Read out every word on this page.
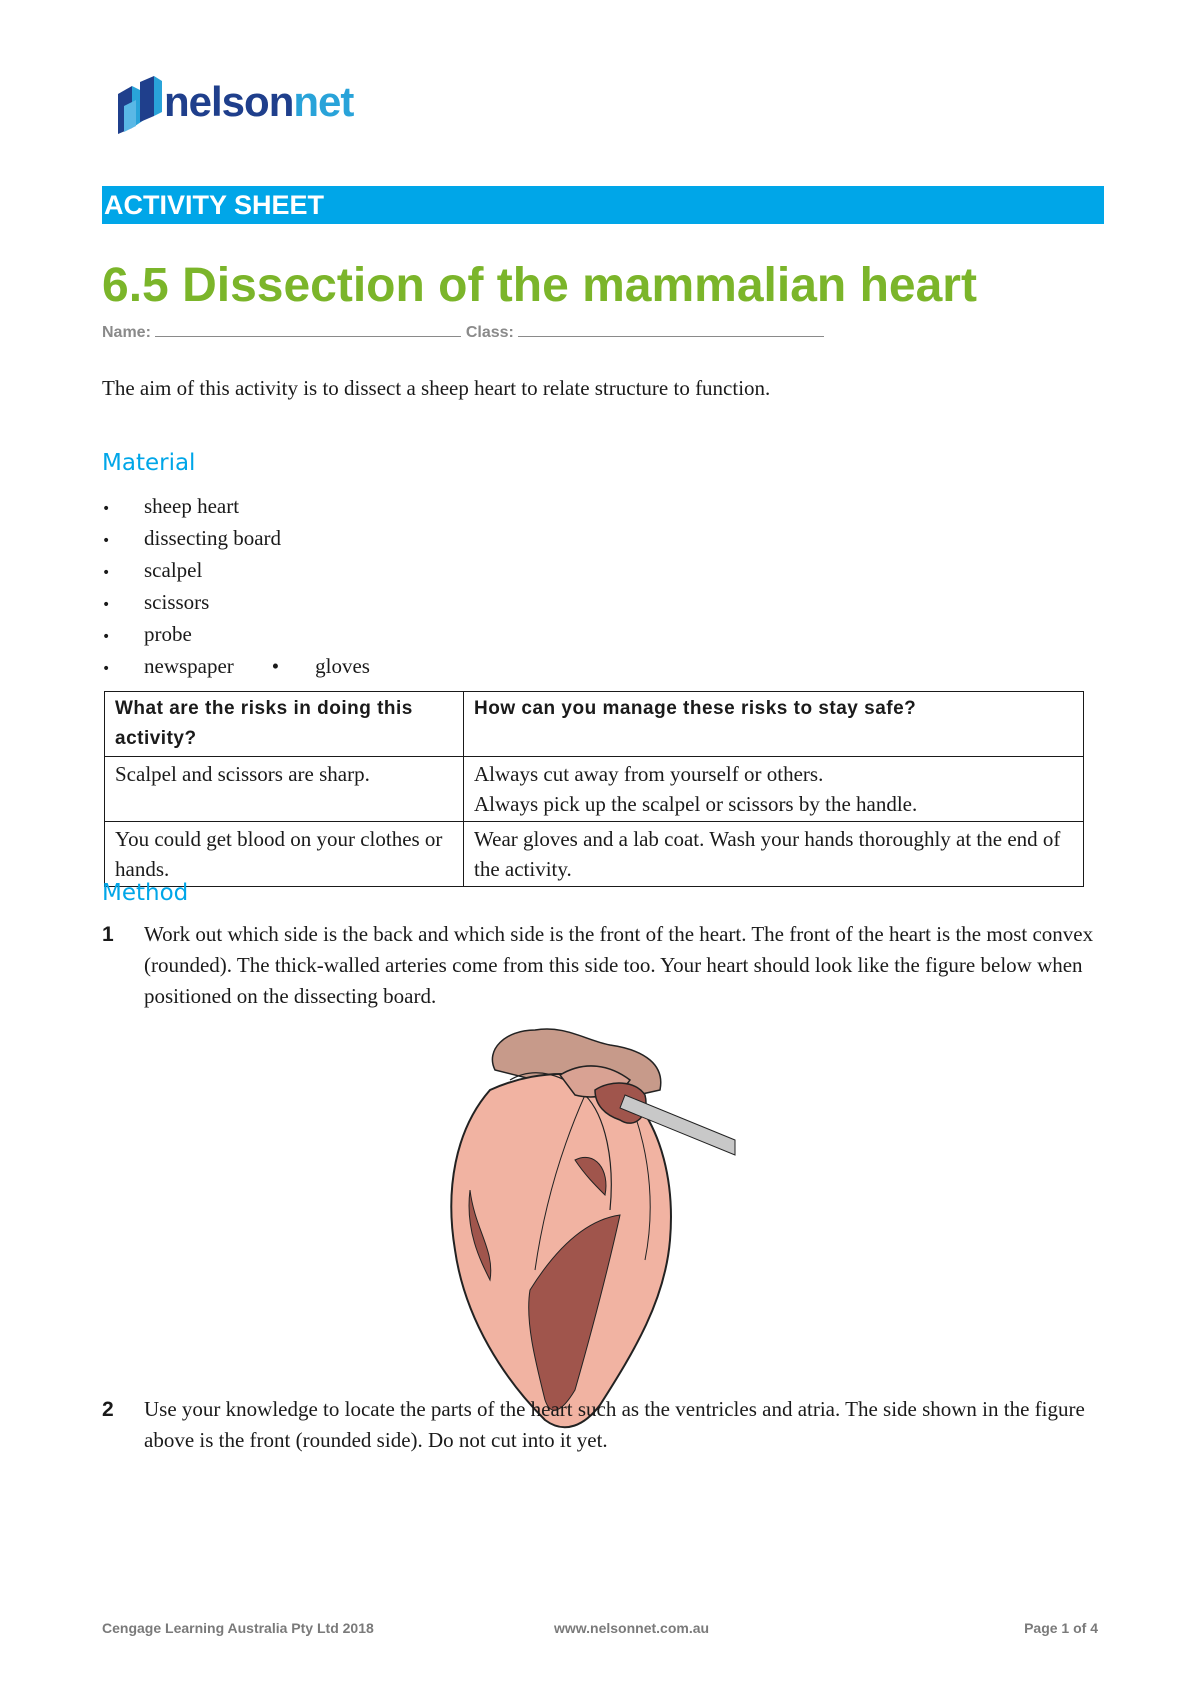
nelsonnet
ACTIVITY SHEET
6.5 Dissection of the mammalian heart
Name:	Class:
The aim of this activity is to dissect a sheep heart to relate structure to function.
Material
• sheep heart
• dissecting board
• scalpel
• scissors
• probe
• newspaper • gloves
What are the risks in doing this activity?	How can you manage these risks to stay safe?
Scalpel and scissors are sharp.	Always cut away from yourself or others.
Always pick up the scalpel or scissors by the handle.

You could get blood on your clothes or hands.	Wear gloves and a lab coat. Wash your hands thoroughly at the end of the activity.
Method
1	Work out which side is the back and which side is the front of the heart. The front of the heart is the most convex (rounded). The thick-walled arteries come from this side too. Your heart should look like the figure below when positioned on the dissecting board.
2	Use your knowledge to locate the parts of the heart such as the ventricles and atria. The side shown in the figure above is the front (rounded side). Do not cut into it yet.
Cengage Learning Australia Pty Ltd 2018	www.nelsonnet.com.au	Page 1 of 4
